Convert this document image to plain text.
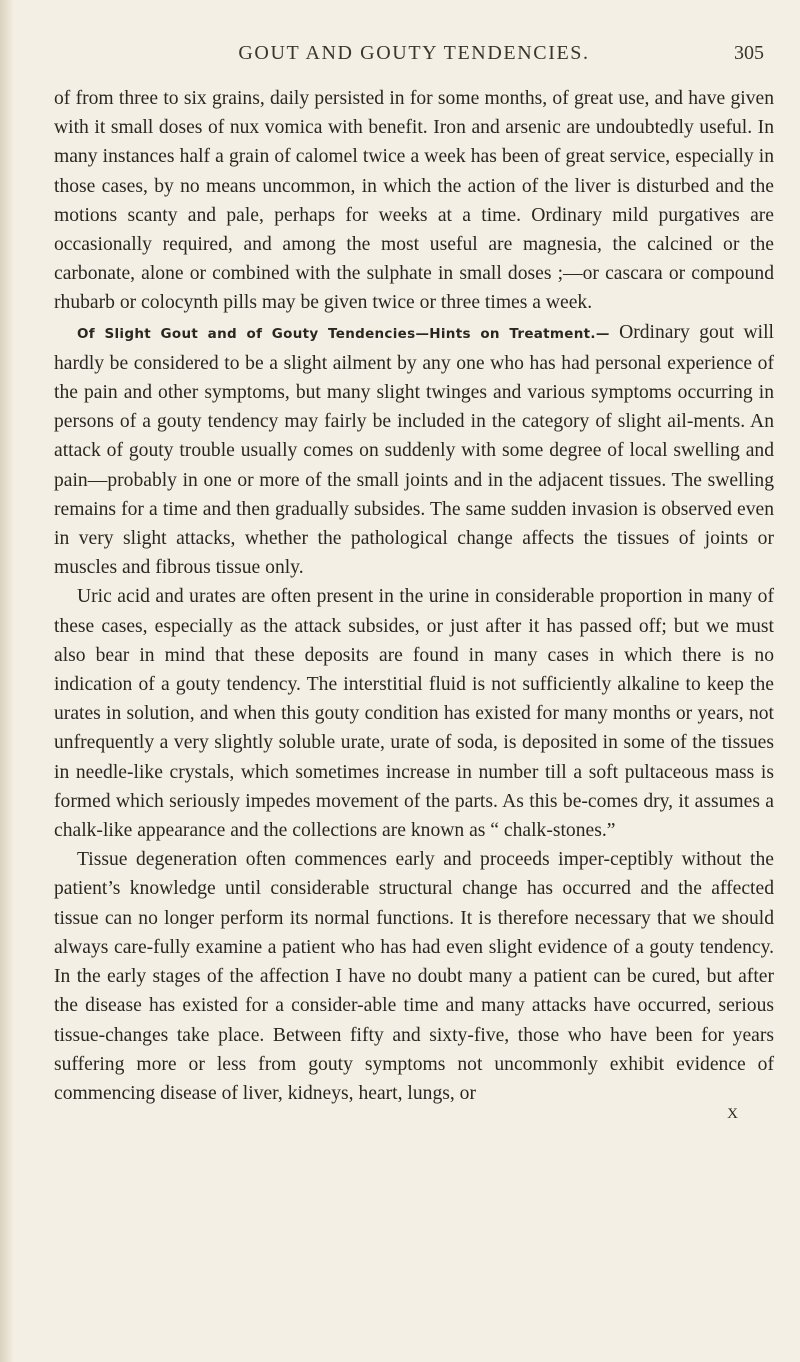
GOUT AND GOUTY TENDENCIES.	305

of from three to six grains, daily persisted in for some months, of great use, and have given with it small doses of nux vomica with benefit. Iron and arsenic are undoubtedly useful. In many instances half a grain of calomel twice a week has been of great service, especially in those cases, by no means uncommon, in which the action of the liver is disturbed and the motions scanty and pale, perhaps for weeks at a time. Ordinary mild purgatives are occasionally required, and among the most useful are magnesia, the calcined or the carbonate, alone or combined with the sulphate in small doses ;—or cascara or compound rhubarb or colocynth pills may be given twice or three times a week.

Of Slight Gout and of Gouty Tendencies—Hints on Treatment.— Ordinary gout will hardly be considered to be a slight ailment by any one who has had personal experience of the pain and other symptoms, but many slight twinges and various symptoms occurring in persons of a gouty tendency may fairly be included in the category of slight ail-ments. An attack of gouty trouble usually comes on suddenly with some degree of local swelling and pain—probably in one or more of the small joints and in the adjacent tissues. The swelling remains for a time and then gradually subsides. The same sudden invasion is observed even in very slight attacks, whether the pathological change affects the tissues of joints or muscles and fibrous tissue only.

Uric acid and urates are often present in the urine in considerable proportion in many of these cases, especially as the attack subsides, or just after it has passed off; but we must also bear in mind that these deposits are found in many cases in which there is no indication of a gouty tendency. The interstitial fluid is not sufficiently alkaline to keep the urates in solution, and when this gouty condition has existed for many months or years, not unfrequently a very slightly soluble urate, urate of soda, is deposited in some of the tissues in needle-like crystals, which sometimes increase in number till a soft pultaceous mass is formed which seriously impedes movement of the parts. As this be-comes dry, it assumes a chalk-like appearance and the collections are known as “ chalk-stones.”

Tissue degeneration often commences early and proceeds imper-ceptibly without the patient’s knowledge until considerable structural change has occurred and the affected tissue can no longer perform its normal functions. It is therefore necessary that we should always care-fully examine a patient who has had even slight evidence of a gouty tendency. In the early stages of the affection I have no doubt many a patient can be cured, but after the disease has existed for a consider-able time and many attacks have occurred, serious tissue-changes take place. Between fifty and sixty-five, those who have been for years suffering more or less from gouty symptoms not uncommonly exhibit evidence of commencing disease of liver, kidneys, heart, lungs, or

X
